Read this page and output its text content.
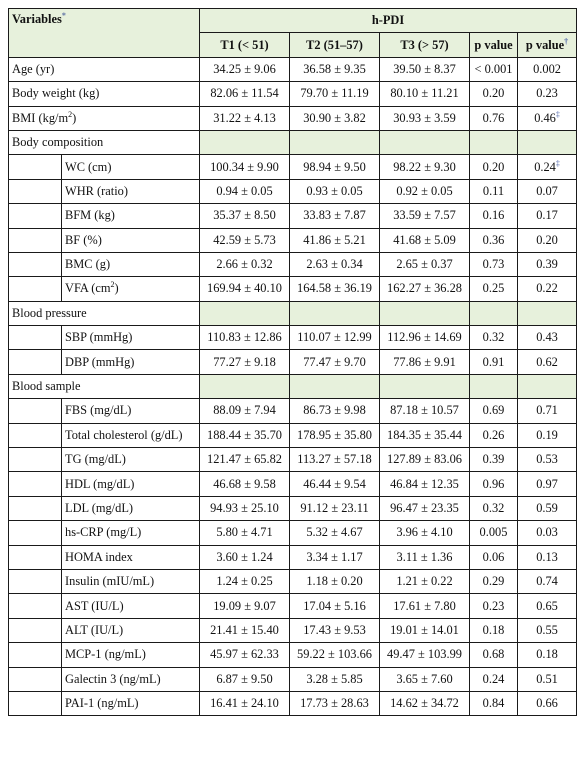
Variables*		h-PDI				
		T1 (< 51)	T2 (51–57)	T3 (> 57)	p value	p value†
Age (yr)		34.25 ± 9.06	36.58 ± 9.35	39.50 ± 8.37	< 0.001	0.002
Body weight (kg)		82.06 ± 11.54	79.70 ± 11.19	80.10 ± 11.21	0.20	0.23
BMI $(kg/m^2)$		31.22 ± 4.13	30.90 ± 3.82	30.93 ± 3.59	0.76	0.46‡
Body composition						
	WC (cm)	100.34 ± 9.90	98.94 ± 9.50	98.22 ± 9.30	0.20	0.24‡
	WHR (ratio)	0.94 ± 0.05	0.93 ± 0.05	0.92 ± 0.05	0.11	0.07
	BFM (kg)	35.37 ± 8.50	33.83 ± 7.87	33.59 ± 7.57	0.16	0.17
	BF (%)	42.59 ± 5.73	41.86 ± 5.21	41.68 ± 5.09	0.36	0.20
	BMC (g)	2.66 ± 0.32	2.63 ± 0.34	2.65 ± 0.37	0.73	0.39
	VFA $(cm^2)$	169.94 ± 40.10	164.58 ± 36.19	162.27 ± 36.28	0.25	0.22
Blood pressure						
	SBP (mmHg)	110.83 ± 12.86	110.07 ± 12.99	112.96 ± 14.69	0.32	0.43
	DBP (mmHg)	77.27 ± 9.18	77.47 ± 9.70	77.86 ± 9.91	0.91	0.62
Blood sample						
	FBS (mg/dL)	88.09 ± 7.94	86.73 ± 9.98	87.18 ± 10.57	0.69	0.71
	Total cholesterol (g/dL)	188.44 ± 35.70	178.95 ± 35.80	184.35 ± 35.44	0.26	0.19
	TG (mg/dL)	121.47 ± 65.82	113.27 ± 57.18	127.89 ± 83.06	0.39	0.53
	HDL (mg/dL)	46.68 ± 9.58	46.44 ± 9.54	46.84 ± 12.35	0.96	0.97
	LDL (mg/dL)	94.93 ± 25.10	91.12 ± 23.11	96.47 ± 23.35	0.32	0.59
	hs-CRP (mg/L)	5.80 ± 4.71	5.32 ± 4.67	3.96 ± 4.10	0.005	0.03
	HOMA index	3.60 ± 1.24	3.34 ± 1.17	3.11 ± 1.36	0.06	0.13
	Insulin (mIU/mL)	1.24 ± 0.25	1.18 ± 0.20	1.21 ± 0.22	0.29	0.74
	AST (IU/L)	19.09 ± 9.07	17.04 ± 5.16	17.61 ± 7.80	0.23	0.65
	ALT (IU/L)	21.41 ± 15.40	17.43 ± 9.53	19.01 ± 14.01	0.18	0.55
	MCP-1 (ng/mL)	45.97 ± 62.33	59.22 ± 103.66	49.47 ± 103.99	0.68	0.18
	Galectin 3 (ng/mL)	6.87 ± 9.50	3.28 ± 5.85	3.65 ± 7.60	0.24	0.51
	PAI-1 (ng/mL)	16.41 ± 24.10	17.73 ± 28.63	14.62 ± 34.72	0.84	0.66
